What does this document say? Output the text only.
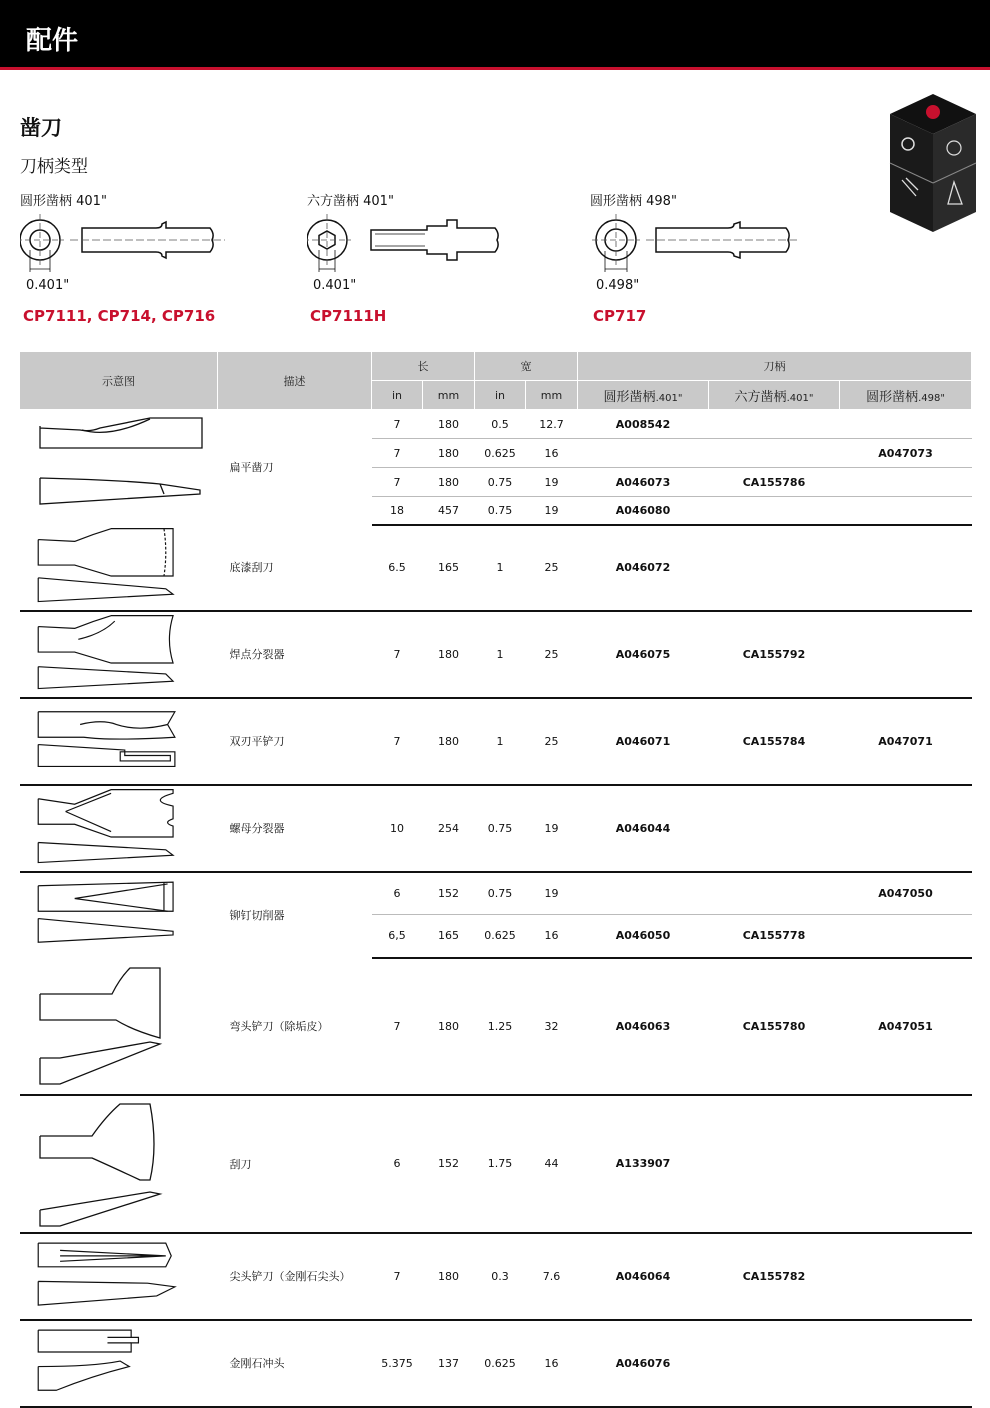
配件
凿刀
刀柄类型
圆形凿柄 401"
0.401"
CP7111, CP714, CP716
六方凿柄 401"
0.401"
CP7111H
圆形凿柄 498"
0.498"
CP717
示意图	描述	长		宽		刀柄		
		in	mm	in	mm	圆形凿柄.401"	六方凿柄.401"	圆形凿柄.498"
	扁平凿刀	7	180	0.5	12.7	A008542		
		7	180	0.625	16			A047073
		7	180	0.75	19	A046073	CA155786	
		18	457	0.75	19	A046080		
	底漆刮刀	6.5	165	1	25	A046072		
	焊点分裂器	7	180	1	25	A046075	CA155792	
	双刃平铲刀	7	180	1	25	A046071	CA155784	A047071
	螺母分裂器	10	254	0.75	19	A046044		
	铆钉切削器	6	152	0.75	19			A047050
		6,5	165	0.625	16	A046050	CA155778	
	弯头铲刀（除垢皮）	7	180	1.25	32	A046063	CA155780	A047051
	刮刀	6	152	1.75	44	A133907		
	尖头铲刀（金刚石尖头）	7	180	0.3	7.6	A046064	CA155782	
	金刚石冲头	5.375	137	0.625	16	A046076		
